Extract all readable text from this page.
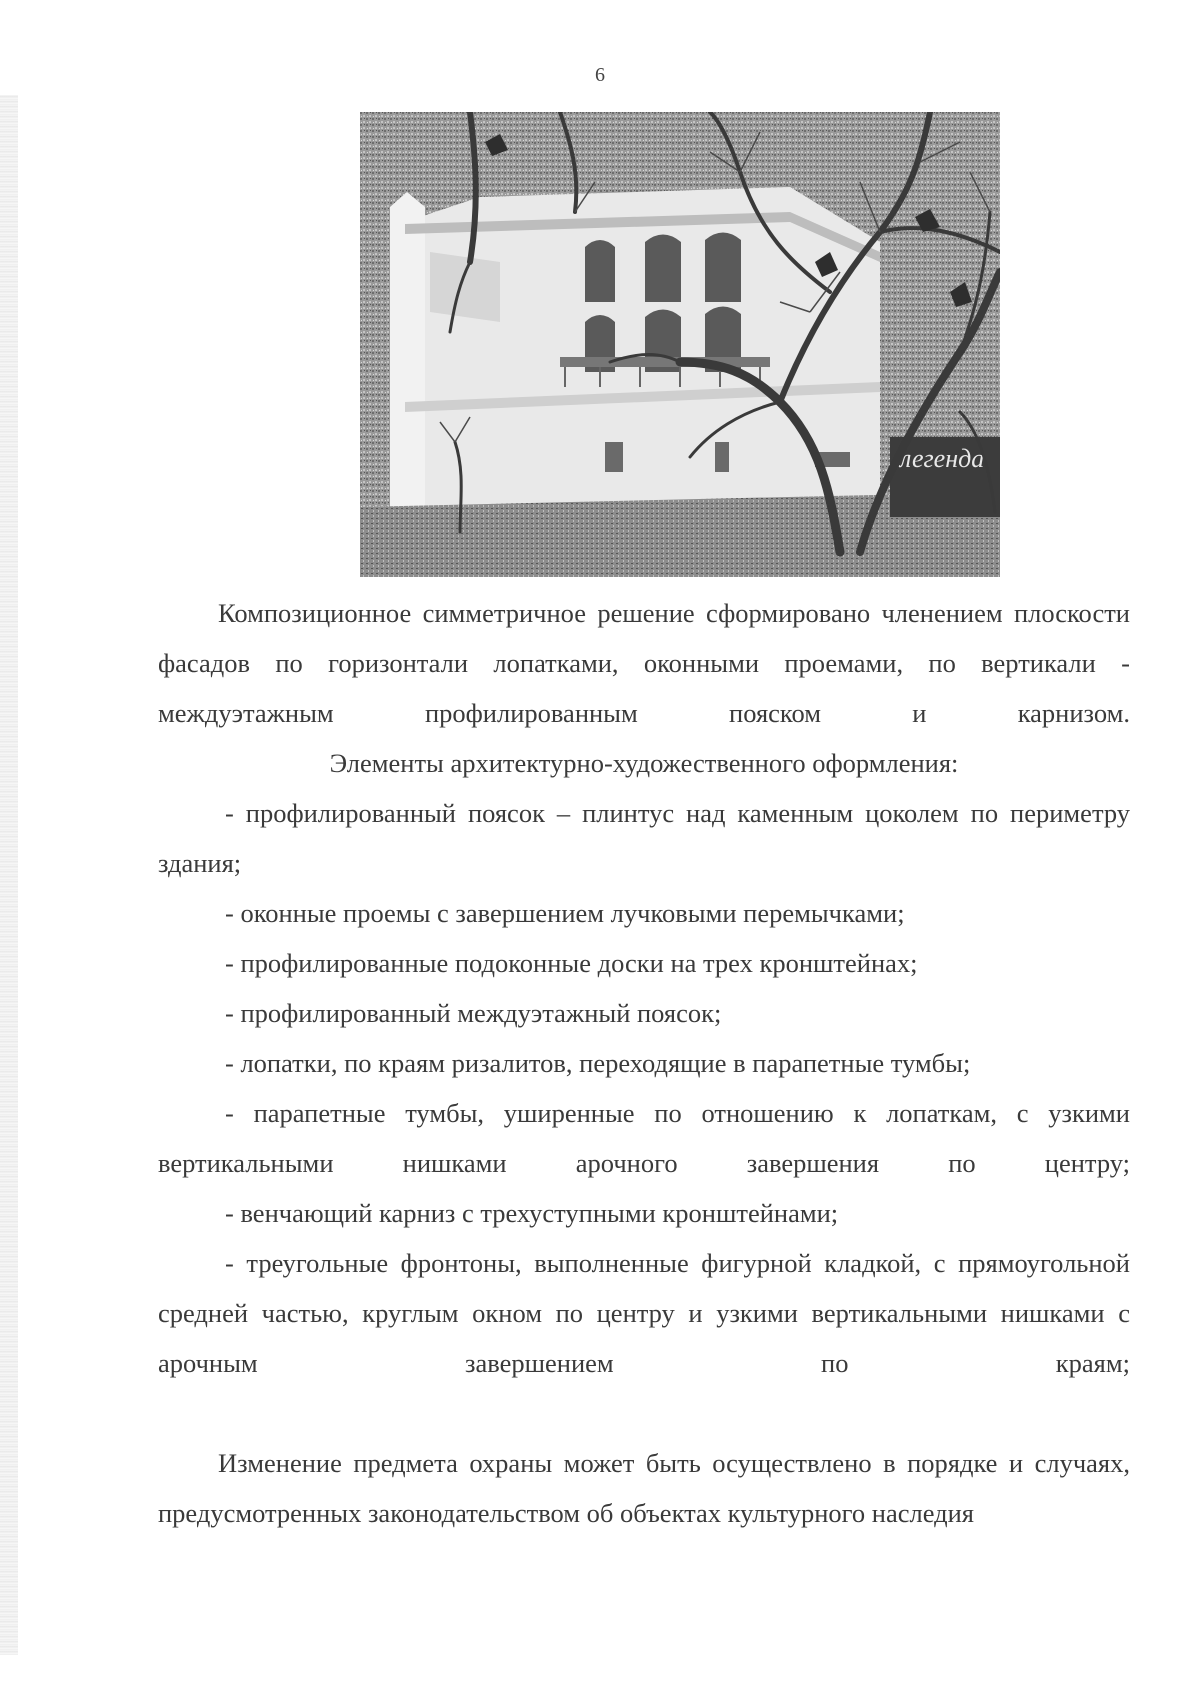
6
легенда

Композиционное симметричное решение сформировано членением плоскости фасадов по горизонтали лопатками, оконными проемами, по вертикали - междуэтажным профилированным пояском и карнизом.

Элементы архитектурно-художественного оформления:

- профилированный поясок – плинтус над каменным цоколем по периметру здания;

- оконные проемы с завершением лучковыми перемычками;

- профилированные подоконные доски на трех кронштейнах;

- профилированный междуэтажный поясок;

- лопатки, по краям ризалитов, переходящие в парапетные тумбы;

- парапетные тумбы, уширенные по отношению к лопаткам, с узкими вертикальными нишками арочного завершения по центру;

- венчающий карниз с трехуступными кронштейнами;

- треугольные фронтоны, выполненные фигурной кладкой, с прямоугольной средней частью, круглым окном по центру и узкими вертикальными нишками с арочным завершением по краям;

Изменение предмета охраны может быть осуществлено в порядке и случаях, предусмотренных законодательством об объектах культурного наследия
